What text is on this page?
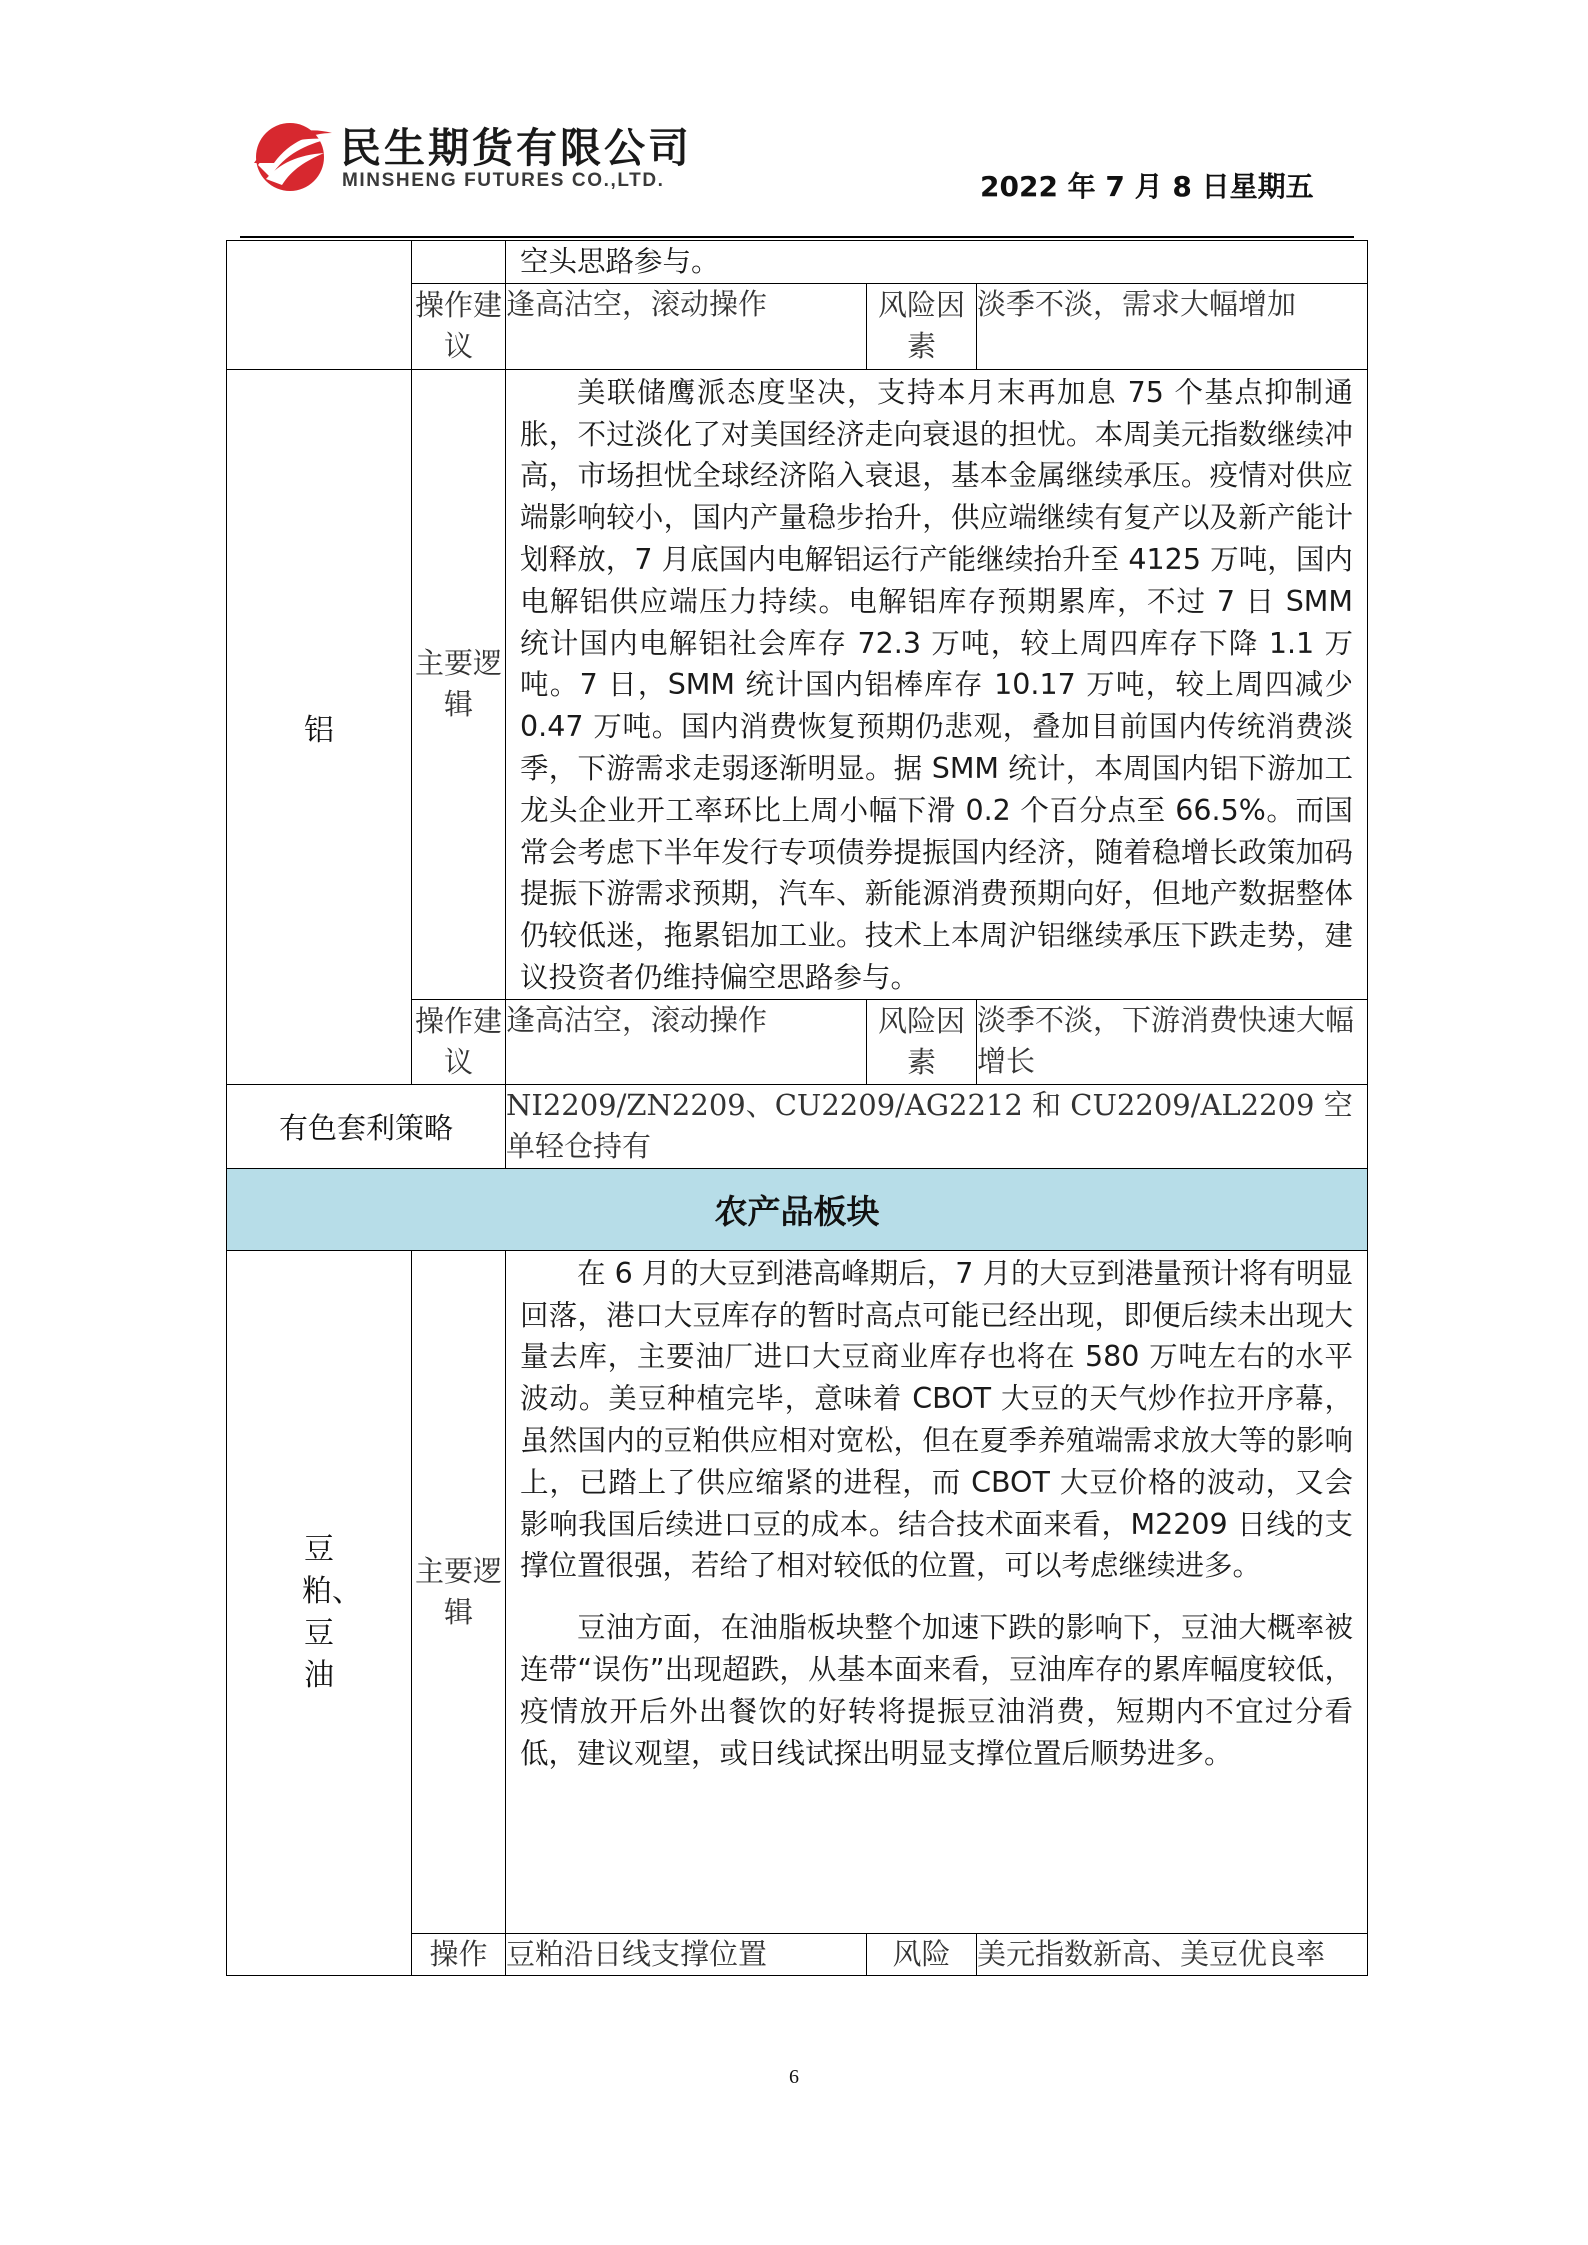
民生期货有限公司
MINSHENG FUTURES CO.,LTD.	2022 年 7 月 8 日星期五

		空头思路参与。		

	操作建议	逢高沽空，滚动操作	风险因素	淡季不淡，需求大幅增加
铝	主要逻辑	美联储鹰派态度坚决，支持本月末再加息 75 个基点抑制通胀，不过淡化了对美国经济走向衰退的担忧。本周美元指数继续冲高，市场担忧全球经济陷入衰退，基本金属继续承压。疫情对供应端影响较小，国内产量稳步抬升，供应端继续有复产以及新产能计划释放，7 月底国内电解铝运行产能继续抬升至 4125 万吨，国内电解铝供应端压力持续。电解铝库存预期累库，不过 7 日 SMM 统计国内电解铝社会库存 72.3 万吨，较上周四库存下降 1.1 万吨。7 日，SMM 统计国内铝棒库存 10.17 万吨，较上周四减少 0.47 万吨。国内消费恢复预期仍悲观，叠加目前国内传统消费淡季，下游需求走弱逐渐明显。据 SMM 统计，本周国内铝下游加工龙头企业开工率环比上周小幅下滑 0.2 个百分点至 66.5%。而国常会考虑下半年发行专项债券提振国内经济，随着稳增长政策加码提振下游需求预期，汽车、新能源消费预期向好，但地产数据整体仍较低迷，拖累铝加工业。技术上本周沪铝继续承压下跌走势，建议投资者仍维持偏空思路参与。		

	操作建议	逢高沽空，滚动操作	风险因素	淡季不淡，下游消费快速大幅增长
有色套利策略		NI2209/ZN2209、CU2209/AG2212 和 CU2209/AL2209 空单轻仓持有		
农产品板块				
豆粕、豆油	主要逻辑	在 6 月的大豆到港高峰期后，7 月的大豆到港量预计将有明显回落，港口大豆库存的暂时高点可能已经出现，即便后续未出现大量去库，主要油厂进口大豆商业库存也将在 580 万吨左右的水平波动。美豆种植完毕，意味着 CBOT 大豆的天气炒作拉开序幕，虽然国内的豆粕供应相对宽松，但在夏季养殖端需求放大等的影响上，已踏上了供应缩紧的进程，而 CBOT 大豆价格的波动，又会影响我国后续进口豆的成本。结合技术面来看，M2209 日线的支撑位置很强，若给了相对较低的位置，可以考虑继续进多。

豆油方面，在油脂板块整个加速下跌的影响下，豆油大概率被连带“误伤”出现超跌，从基本面来看，豆油库存的累库幅度较低，疫情放开后外出餐饮的好转将提振豆油消费，短期内不宜过分看低，建议观望，或日线试探出明显支撑位置后顺势进多。		

	操作	豆粕沿日线支撑位置	风险	美元指数新高、美豆优良率
6
